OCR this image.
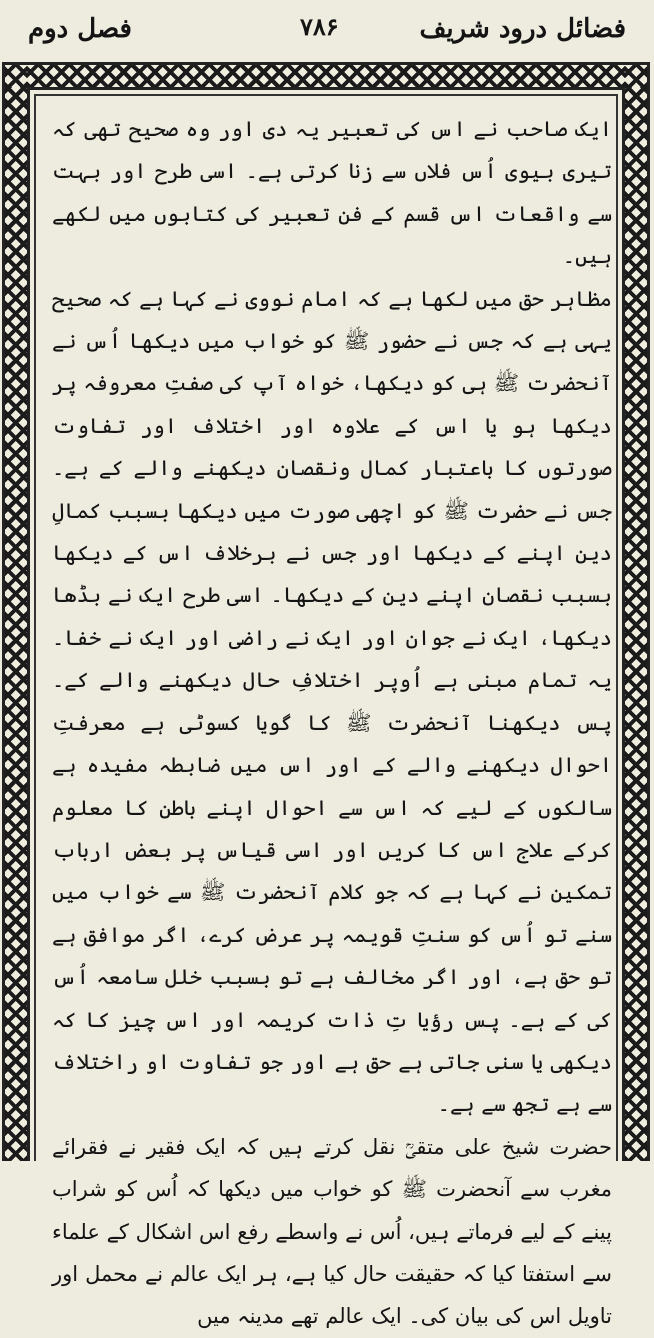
فضائل درود شریف
۷۸۶
فصل دوم

ایک صاحب نے اس کی تعبیر یہ دی اور وہ صحیح تھی کہ تیری بیوی اُس فلاں سے زنا کرتی ہے۔ اسی طرح اور بہت سے واقعات اس قسم کے فن تعبیر کی کتابوں میں لکھے ہیں۔

مظاہر حق میں لکھا ہے کہ امام نووی نے کہا ہے کہ صحیح یہی ہے کہ جس نے حضور ﷺ کو خواب میں دیکھا اُس نے آنحضرت ﷺ ہی کو دیکھا، خواہ آپ کی صفتِ معروفہ پر دیکھا ہو یا اس کے علاوہ اور اختلاف اور تفاوت صورتوں کا باعتبار کمال ونقصان دیکھنے والے کے ہے۔ جس نے حضرت ﷺ کو اچھی صورت میں دیکھا بسبب کمالِ دین اپنے کے دیکھا اور جس نے برخلاف اس کے دیکھا بسبب نقصان اپنے دین کے دیکھا۔ اسی طرح ایک نے بڈھا دیکھا، ایک نے جوان اور ایک نے راضی اور ایک نے خفا۔ یہ تمام مبنی ہے اُوپر اختلافِ حال دیکھنے والے کے۔ پس دیکھنا آنحضرت ﷺ کا گویا کسوٹی ہے معرفتِ احوال دیکھنے والے کے اور اس میں ضابطہ مفیدہ ہے سالکوں کے لیے کہ اس سے احوال اپنے باطن کا معلوم کرکے علاج اس کا کریں اور اسی قیاس پر بعض ارباب تمکین نے کہا ہے کہ جو کلام آنحضرت ﷺ سے خواب میں سنے تو اُس کو سنتِ قویمہ پر عرض کرے، اگر موافق ہے تو حق ہے، اور اگر مخالف ہے تو بسبب خلل سامعہ اُس کی کے ہے۔ پس رؤیا تِ ذات کریمہ اور اس چیز کا کہ دیکھی یا سنی جاتی ہے حق ہے اور جو تفاوت او راختلاف سے ہے تجھ سے ہے۔

حضرت شیخ علی متقیؒ نقل کرتے ہیں کہ ایک فقیر نے فقرائے مغرب سے آنحضرت ﷺ کو خواب میں دیکھا کہ اُس کو شراب پینے کے لیے فرماتے ہیں، اُس نے واسطے رفع اس اشکال کے علماء سے استفتا کیا کہ حقیقت حال کیا ہے، ہر ایک عالم نے محمل اور تاویل اس کی بیان کی۔ ایک عالم تھے مدینہ میں
